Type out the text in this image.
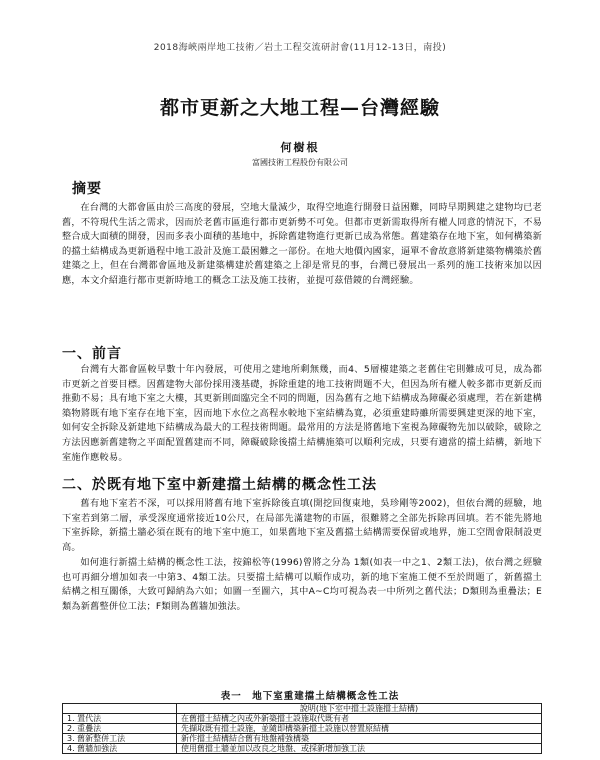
2018海峽兩岸地工技術／岩土工程交流研討會(11月12-13日，南投)
都市更新之大地工程—台灣經驗
何樹根
富國技術工程股份有限公司
摘要

在台灣的大都會區由於三高度的發展，空地大量減少，取得空地進行開發日益困難，同時早期興建之建物均已老舊，不符現代生活之需求，因而於老舊市區進行都市更新勢不可免。但都市更新需取得所有權人同意的情況下，不易整合成大面積的開發，因而多表小面積的基地中，拆除舊建物進行更新已成為常態。舊建築存在地下室，如何構築新的擋土結構成為更新過程中地工設計及施工最困難之一部份。在地大地價內國家，逼單不會故意將新建築物構築於舊建築之上，但在台灣都會區地及新建築構建於舊建築之上卻是常見的事，台灣已發展出一系列的施工技術來加以因應，本文介紹進行都市更新時地工的概念工法及施工技術，並提可茲借鏡的台灣經驗。

一、前言

台灣有大都會區較早數十年內發展，可使用之建地所剩無幾，而4、5層樓建築之老舊住宅則難成可見，成為都市更新之首要目標。因舊建物大部份採用淺基礎，拆除重建的地工技術問題不大，但因為所有權人較多都市更新反而推動不易；具有地下室之大樓，其更新則面臨完全不同的問題，因為舊有之地下結構成為障礙必須處理，若在新建構築物將既有地下室存在地下室，因而地下水位之高程水較地下室結構為寬，必須重建時雖所需要興建更深的地下室，如何安全拆除及新建地下結構成為最大的工程技術問題。最常用的方法是將舊地下室視為障礙物先加以破除，破除之方法因應新舊建物之平面配置舊建而不同，障礙破除後擋土結構施築可以順利完成，只要有適當的擋土結構，新地下室施作應較易。

二、於既有地下室中新建擋土結構的概念性工法

舊有地下室若不深，可以採用將舊有地下室拆除後直填(開挖回復東地，吳珍剛等2002)，但依台灣的經驗，地下室若到第二層，承受深度通常接近10公尺，在局部先滿建物的市區，很難將之全部先拆除再回填。若不能先將地下室拆除，新擋土牆必須在既有的地下室中施工，如果舊地下室及舊擋土結構需要保留或地界，施工空間會限制設更高。

如何進行新擋土結構的概念性工法，按錦松等(1996)曾將之分為 1類(如表一中之1、2類工法)，依台灣之經驗也可再細分增加如表一中第3、4類工法。只要擋土結構可以順作成功，新的地下室施工便不至於問題了，新舊擋土結構之相互關係，大致可歸納為六如；如圖一至圖六，其中A~C均可視為表一中所列之舊代法；D類則為重疊法；E類為新舊整併位工法；F類則為舊牆加強法。

表一　地下室重建擋土結構概念性工法
	說明(地下室中擋土設施擋土結構)
1. 置代法	在舊擋土結構之內或外新築擋土設施取代既有者
2. 重疊法	先擷取既有擋土設施，並隨即構築新擋土設施以替置原結構
3. 舊新整併工法	新作擋土結構結合舊有地盤補強構築
4. 舊牆加強法	使用舊擋土牆並加以改良之地盤、或採新增加強工法
